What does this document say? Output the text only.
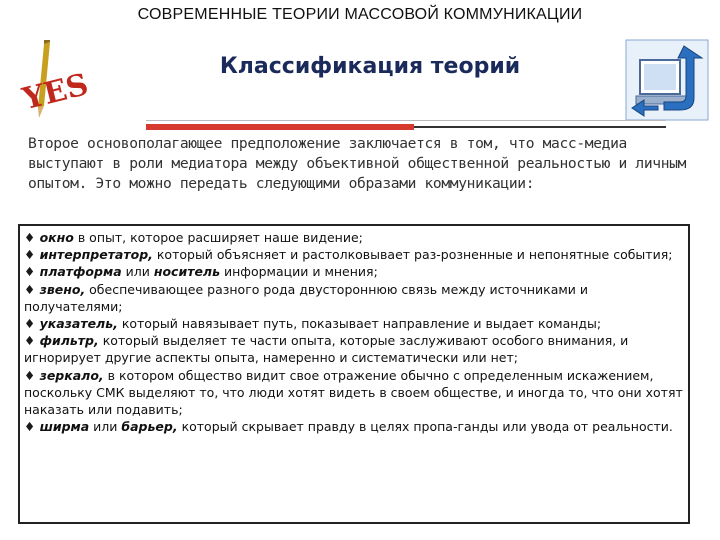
СОВРЕМЕННЫЕ ТЕОРИИ МАССОВОЙ КОММУНИКАЦИИ
YES
Классификация теорий
Второе основополагающее предположение заключается в том, что масс-медиа выступают в роли медиатора между объективной общественной реальностью и личным опытом. Это можно передать следующими образами коммуникации:

♦ окно в опыт, которое расширяет наше видение;

♦ интерпретатор, который объясняет и растолковывает раз-розненные и непонятные события;

♦ платформа или носитель информации и мнения;

♦ звено, обеспечивающее разного рода двустороннюю связь между источниками и получателями;

♦ указатель, который навязывает путь, показывает направление и выдает команды;

♦ фильтр, который выделяет те части опыта, которые заслуживают особого внимания, и игнорирует другие аспекты опыта, намеренно и систематически или нет;

♦ зеркало, в котором общество видит свое отражение обычно с определенным искажением, поскольку СМК выделяют то, что люди хотят видеть в своем обществе, и иногда то, что они хотят наказать или подавить;

♦ ширма или барьер, который скрывает правду в целях пропа-ганды или увода от реальности.
